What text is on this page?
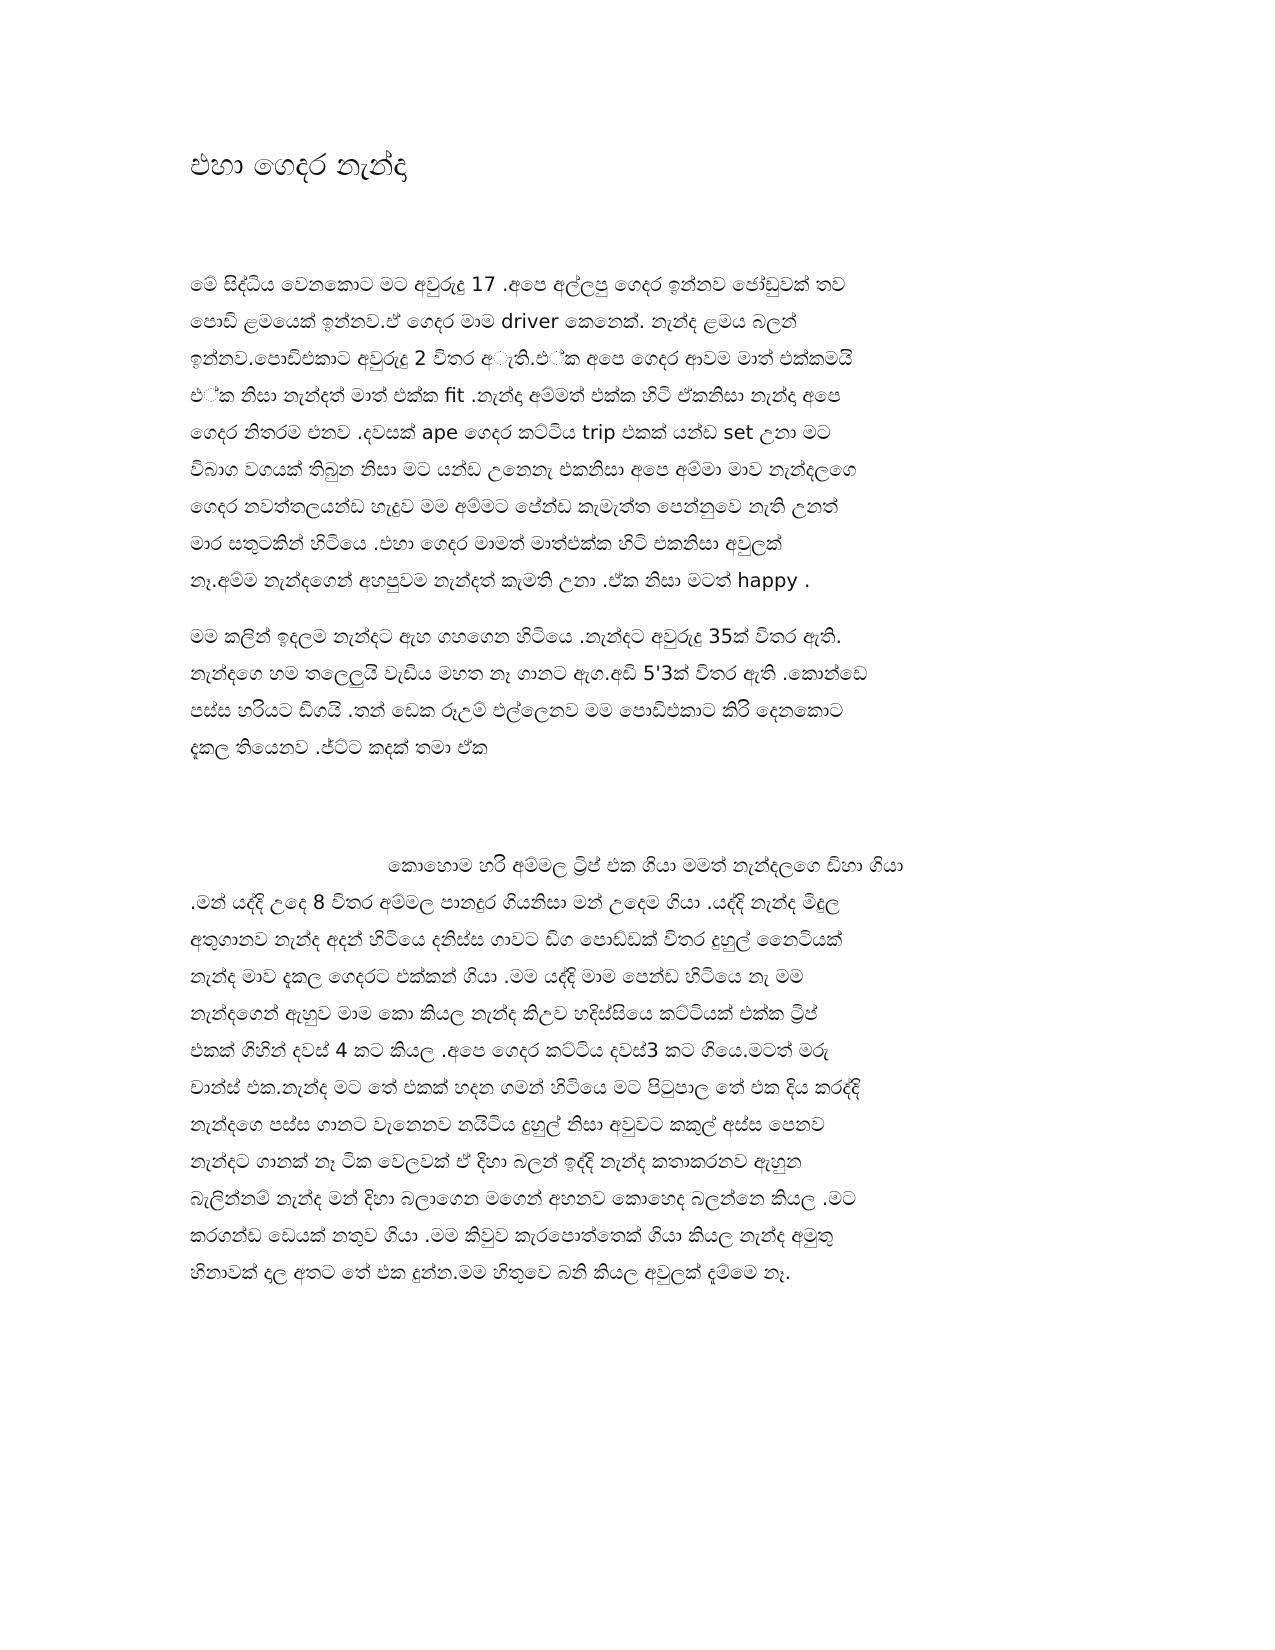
එහා ගෙදර නැන්දා
මේ සිද්ධිය වෙනකොට මට අවුරුදු 17 .අපෙ අල්ලපු ගෙදර ඉන්නව ජෝඩුවක් තව
පොඩි ළමයෙක් ඉන්නව.ඒ ගෙදර මාම driver කෙනෙක්. නැන්ද ළමය බලන්
ඉන්නව.පොඩිඑකාට අවුරුදු 2 විතර අැති.එ්ක අපෙ ගෙදර ආවම මාත් එක්කමයි
එ්ක නිසා නැන්දත් මාත් එක්ක fit .නැන්දා අම්මත් එක්ක හිටි ඒකනිසා නැන්දා අපෙ
ගෙදර නිතරම එනව .දවසක් ape ගෙදර කට්ටිය trip එකක් යන්ඩ set උනා මට
විබාග වගයක් තිබුන නිසා මට යන්ඩ උනෙනැ එකනිසා අපෙ අම්මා මාව නැන්දලගෙ
ගෙදර නවත්තලයන්ඩ හැදුව මම අම්මට පේන්ඩ කැමැත්ත පෙන්නුවෙ නැති උනත්
මාර සතුටකින් හිටියෙ .එහා ගෙදර මාමත් මාත්එක්ක හිටි එකනිසා අවුලක්
නෑ.අම්ම නැන්දගෙන් අහපුවම නැන්දත් කැමති උනා .ඒක නිසා මටත් happy .
මම කලින් ඉදලම නැන්දට ඇහ ගහගෙන හිටියෙ .නැන්දට අවුරුදු 35ක් විතර ඇති.
නැන්දගෙ හම තලෙලුයි වැඩිය මහත නෑ ගානට ඇග.අඩි 5'3ක් විතර ඇති .කොන්ඩෙ
පස්ස හරියට ඩිගයි .තන් ඩෙක රූඋම් එල්ලෙනව මම පොඩිඑකාට කිරි දෙනකොට
දැකල තියෙනව .ජ්ට්ට කදක් තමා ඒක
කොහොම හරි අම්මල ට්‍රිප් එක ගියා මමත් නැන්දලගෙ ඩිහා ගියා
.මන් යද්දි උදෙ 8 විතර අම්මල පානදුර ගියනිසා මන් උදෙම ගියා .යද්දි නැන්ද මිදුල
අතුගානව නැන්ද අදන් හිටියෙ දනිස්ස ගාවට ඩිග පොඩ්ඩක් විතර දුහුල් නෛටියක්
නැන්ද මාව දැකල ගෙදරට එක්කන් ගියා .මම යද්දි මාම පෙන්ඩ හිටියෙ නැ මම
නැන්දගෙන් ඇහුව මාම කො කියල නැන්ද කිඋව හදිස්සියෙ කට්ටියක් එක්ක ට්‍රිප්
එකක් ගිහින් දවස් 4 කට කියල .අපෙ ගෙදර කට්ටිය දවස්3 කට ගියෙ.මටත් මරු
චාන්ස් එක.නැන්ද මට තේ එකක් හදන ගමන් හිටියෙ මට පිටුපාල තේ එක දිය කරද්දි
නැන්දගෙ පස්ස ගානට වැනෙනව නයිටිය දුහුල් නිසා අවුවට කකුල් අස්ස පෙනව
නැන්දට ගානක් නෑ ටික වෙලවක් ඒ දිහා බලන් ඉද්දි නැන්ද කතාකරනව ඇහුන
බැලින්නම් නැන්ද මන් දිහා බලාගෙන මගෙන් අහනව කොහෙද බලන්නෙ කියල .මට
කරගන්ඩ ඩෙයක් නතුව ගියා .මම කිවුව කැරපොත්තෙක් ගියා කියල නැන්ද අමුතු
හිනාවක් දාල අතට තේ එක දුන්න.මම හිතුවෙ බනි කියල අවුලක් දැම්මෙ නෑ.
